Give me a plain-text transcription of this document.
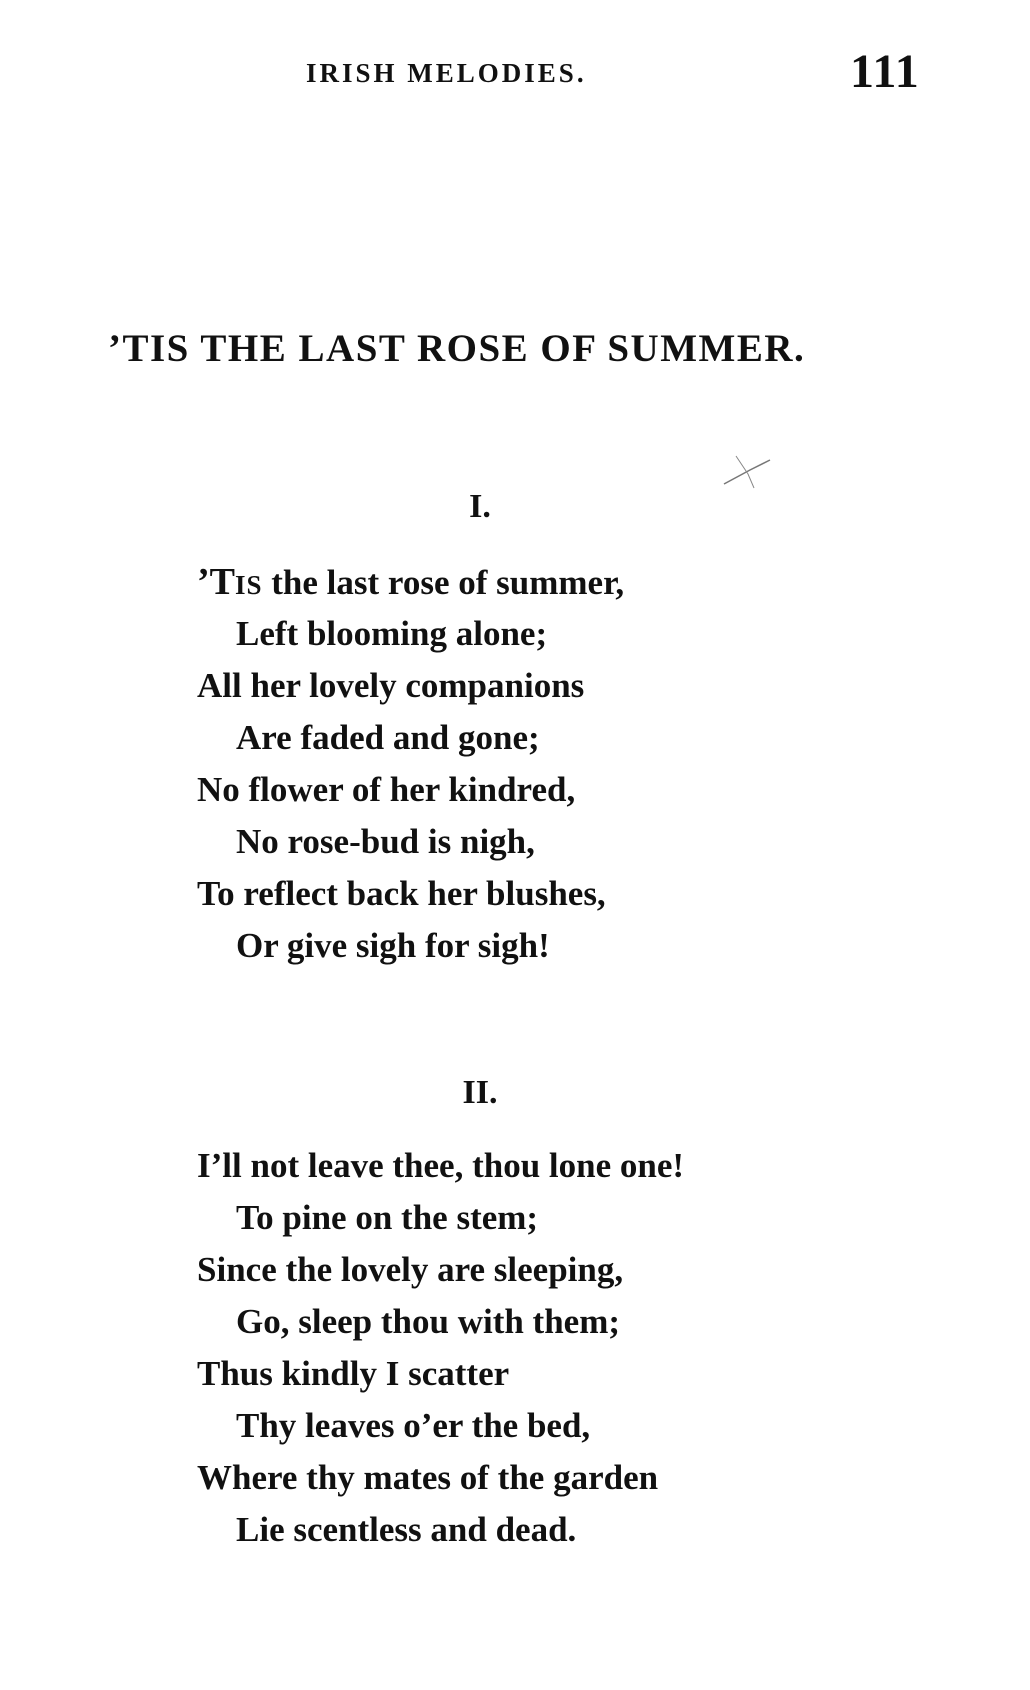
IRISH MELODIES.	111
’TIS THE LAST ROSE OF SUMMER.
I.
’TIS the last rose of summer,
Left blooming alone;
All her lovely companions
Are faded and gone;
No flower of her kindred,
No rose-bud is nigh,
To reflect back her blushes,
Or give sigh for sigh!
II.
I’ll not leave thee, thou lone one!
To pine on the stem;
Since the lovely are sleeping,
Go, sleep thou with them;
Thus kindly I scatter
Thy leaves o’er the bed,
Where thy mates of the garden
Lie scentless and dead.
